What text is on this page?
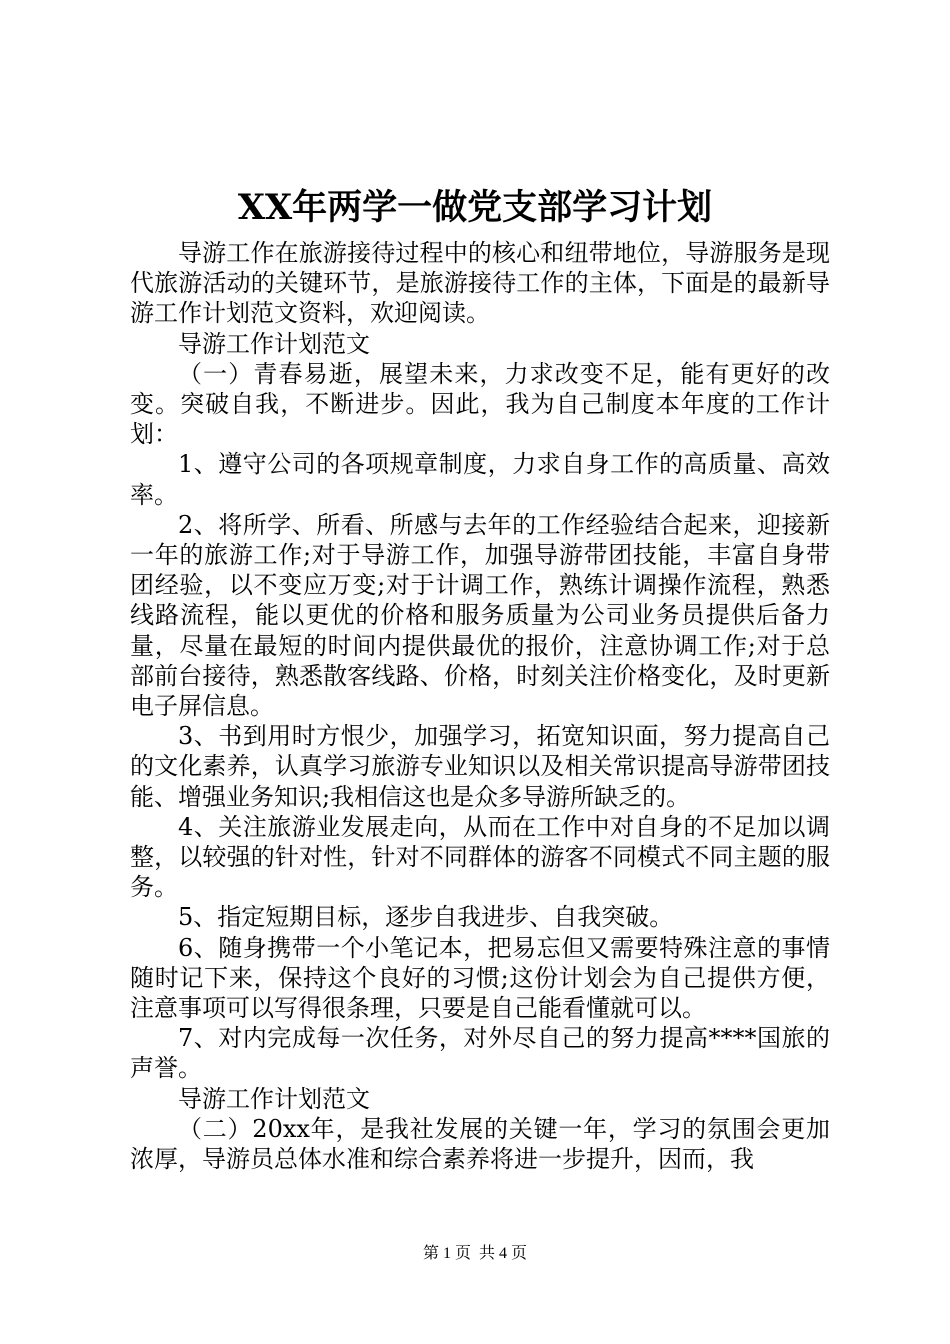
XX年两学一做党支部学习计划

导游工作在旅游接待过程中的核心和纽带地位，导游服务是现代旅游活动的关键环节，是旅游接待工作的主体，下面是的最新导游工作计划范文资料，欢迎阅读。

导游工作计划范文

（一）青春易逝，展望未来，力求改变不足，能有更好的改变。突破自我，不断进步。因此，我为自己制度本年度的工作计划：

1、遵守公司的各项规章制度，力求自身工作的高质量、高效率。

2、将所学、所看、所感与去年的工作经验结合起来，迎接新一年的旅游工作;对于导游工作，加强导游带团技能，丰富自身带团经验，以不变应万变;对于计调工作，熟练计调操作流程，熟悉线路流程，能以更优的价格和服务质量为公司业务员提供后备力量，尽量在最短的时间内提供最优的报价，注意协调工作;对于总部前台接待，熟悉散客线路、价格，时刻关注价格变化，及时更新电子屏信息。

3、书到用时方恨少，加强学习，拓宽知识面，努力提高自己的文化素养，认真学习旅游专业知识以及相关常识提高导游带团技能、增强业务知识;我相信这也是众多导游所缺乏的。

4、关注旅游业发展走向，从而在工作中对自身的不足加以调整，以较强的针对性，针对不同群体的游客不同模式不同主题的服务。

5、指定短期目标，逐步自我进步、自我突破。

6、随身携带一个小笔记本，把易忘但又需要特殊注意的事情随时记下来，保持这个良好的习惯;这份计划会为自己提供方便，注意事项可以写得很条理，只要是自己能看懂就可以。

7、对内完成每一次任务，对外尽自己的努力提高****国旅的声誉。

导游工作计划范文

（二）20xx年，是我社发展的关键一年，学习的氛围会更加浓厚，导游员总体水准和综合素养将进一步提升，因而，我

第 1 页  共 4 页
